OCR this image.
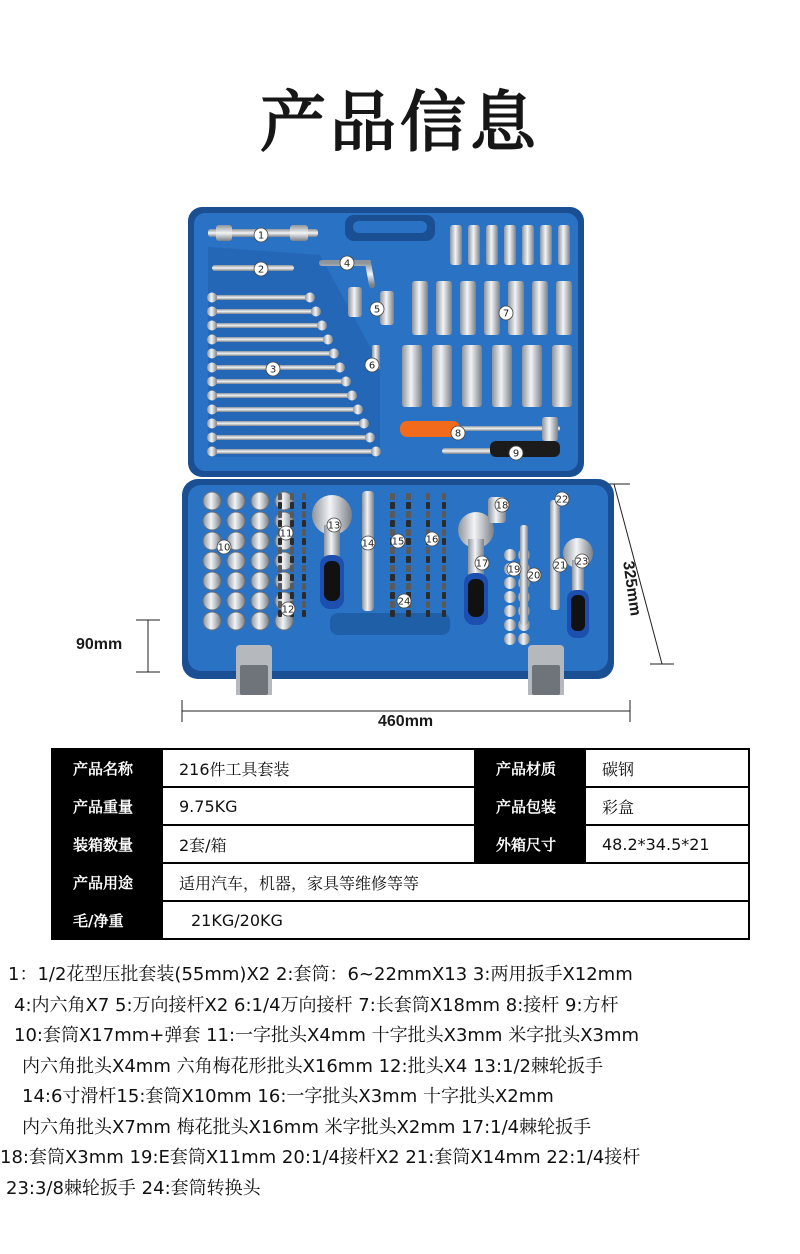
产品信息
90mm
460mm
325mm
1
2
3
4
5
6
7
8
9
10
11
12
13
14 15 16
17
18
19
20
21
22
23
24
产品名称	216件工具套装	产品材质	碳钢
产品重量	9.75KG	产品包装	彩盒
装箱数量	2套/箱	外箱尺寸	48.2*34.5*21
产品用途	适用汽车，机器，家具等维修等等		
毛/净重	21KG/20KG		
1：1/2花型压批套装(55mm)X2 2:套筒：6~22mmX13 3:两用扳手X12mm
4:内六角X7 5:万向接杆X2 6:1/4万向接杆 7:长套筒X18mm 8:接杆 9:方杆
10:套筒X17mm+弹套 11:一字批头X4mm 十字批头X3mm 米字批头X3mm
内六角批头X4mm 六角梅花形批头X16mm 12:批头X4 13:1/2棘轮扳手
14:6寸滑杆15:套筒X10mm 16:一字批头X3mm 十字批头X2mm
内六角批头X7mm 梅花批头X16mm 米字批头X2mm 17:1/4棘轮扳手
18:套筒X3mm 19:E套筒X11mm 20:1/4接杆X2 21:套筒X14mm 22:1/4接杆
23:3/8棘轮扳手 24:套筒转换头
